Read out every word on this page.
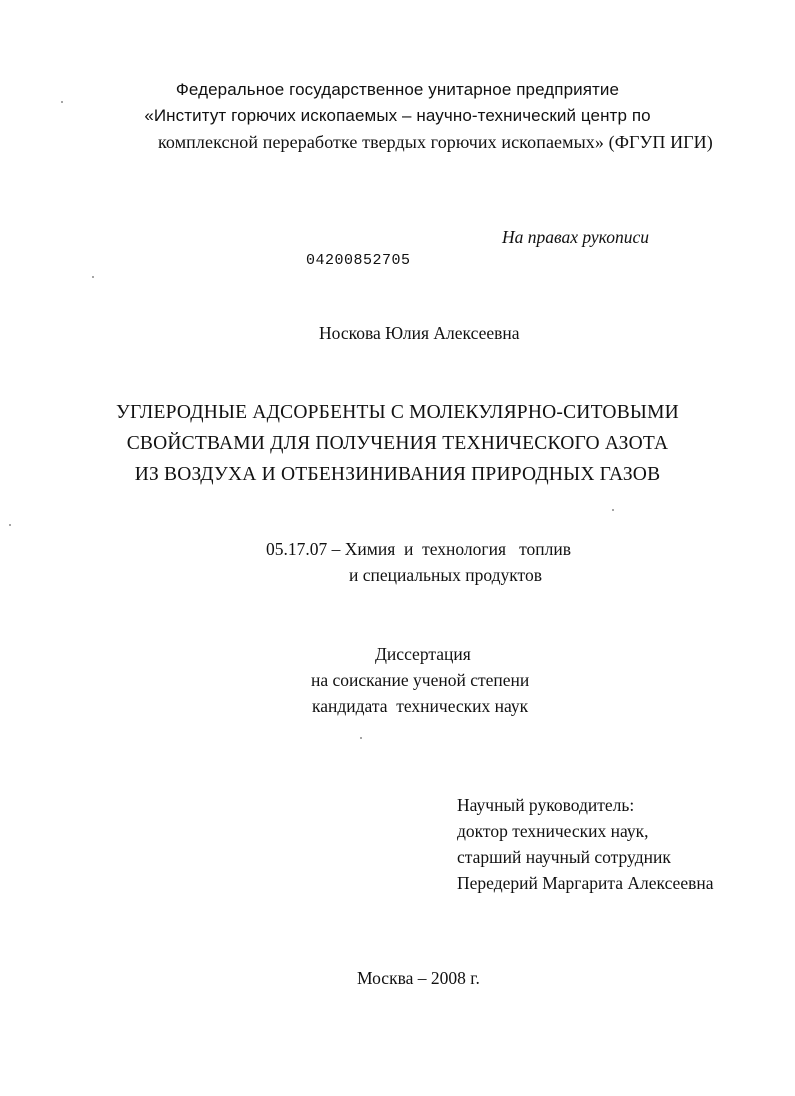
Федеральное государственное унитарное предприятие
«Институт горючих ископаемых – научно-технический центр по
комплексной переработке твердых горючих ископаемых» (ФГУП ИГИ)
На правах рукописи
04200852705
Носкова Юлия Алексеевна
УГЛЕРОДНЫЕ АДСОРБЕНТЫ С МОЛЕКУЛЯРНО-СИТОВЫМИ
СВОЙСТВАМИ ДЛЯ ПОЛУЧЕНИЯ ТЕХНИЧЕСКОГО АЗОТА
ИЗ ВОЗДУХА И ОТБЕНЗИНИВАНИЯ ПРИРОДНЫХ ГАЗОВ
05.17.07 – Химия  и  технология   топлив
и специальных продуктов
Диссертация
на соискание ученой степени
кандидата  технических наук
Научный руководитель:
доктор технических наук,
старший научный сотрудник
Передерий Маргарита Алексеевна
Москва – 2008 г.
